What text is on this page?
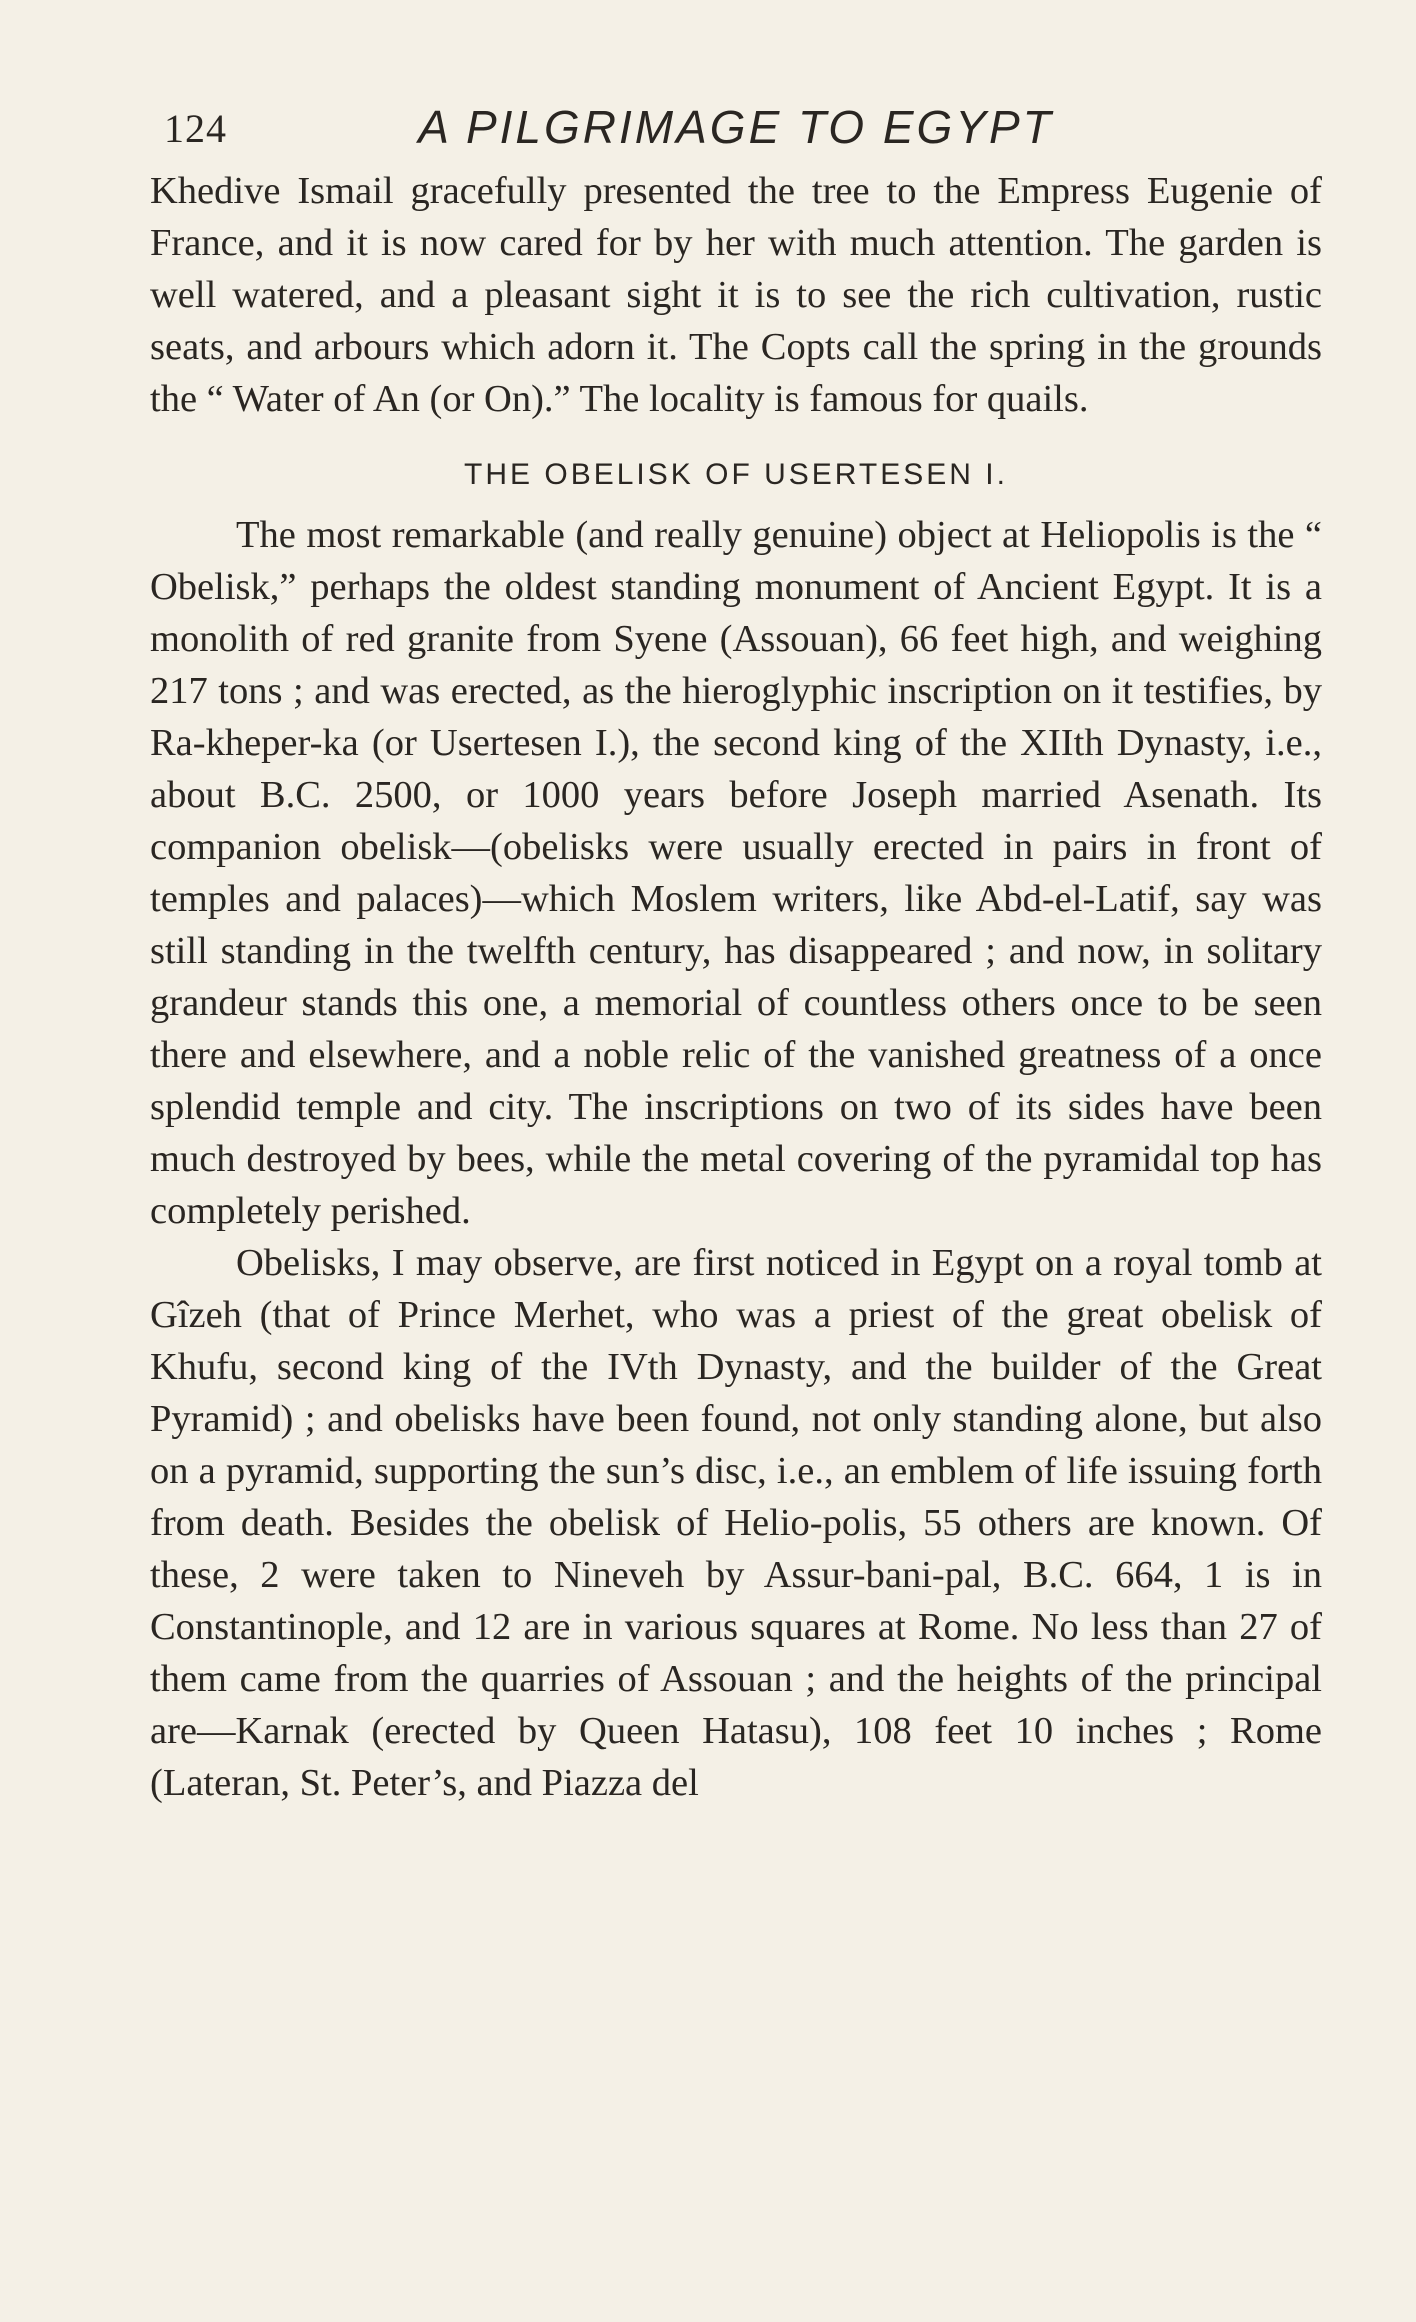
124	A PILGRIMAGE TO EGYPT

Khedive Ismail gracefully presented the tree to the Empress Eugenie of France, and it is now cared for by her with much attention. The garden is well watered, and a pleasant sight it is to see the rich cultivation, rustic seats, and arbours which adorn it. The Copts call the spring in the grounds the “ Water of An (or On).” The locality is famous for quails.

THE OBELISK OF USERTESEN I.

The most remarkable (and really genuine) object at Heliopolis is the “ Obelisk,” perhaps the oldest standing monument of Ancient Egypt. It is a monolith of red granite from Syene (Assouan), 66 feet high, and weighing 217 tons ; and was erected, as the hieroglyphic inscription on it testifies, by Ra-kheper-ka (or Usertesen I.), the second king of the XIIth Dynasty, i.e., about B.C. 2500, or 1000 years before Joseph married Asenath. Its companion obelisk—(obelisks were usually erected in pairs in front of temples and palaces)—which Moslem writers, like Abd-el-Latif, say was still standing in the twelfth century, has disappeared ; and now, in solitary grandeur stands this one, a memorial of countless others once to be seen there and elsewhere, and a noble relic of the vanished greatness of a once splendid temple and city. The inscriptions on two of its sides have been much destroyed by bees, while the metal covering of the pyramidal top has completely perished.

Obelisks, I may observe, are first noticed in Egypt on a royal tomb at Gîzeh (that of Prince Merhet, who was a priest of the great obelisk of Khufu, second king of the IVth Dynasty, and the builder of the Great Pyramid) ; and obelisks have been found, not only standing alone, but also on a pyramid, supporting the sun’s disc, i.e., an emblem of life issuing forth from death. Besides the obelisk of Helio-polis, 55 others are known. Of these, 2 were taken to Nineveh by Assur-bani-pal, B.C. 664, 1 is in Constantinople, and 12 are in various squares at Rome. No less than 27 of them came from the quarries of Assouan ; and the heights of the principal are—Karnak (erected by Queen Hatasu), 108 feet 10 inches ; Rome (Lateran, St. Peter’s, and Piazza del
